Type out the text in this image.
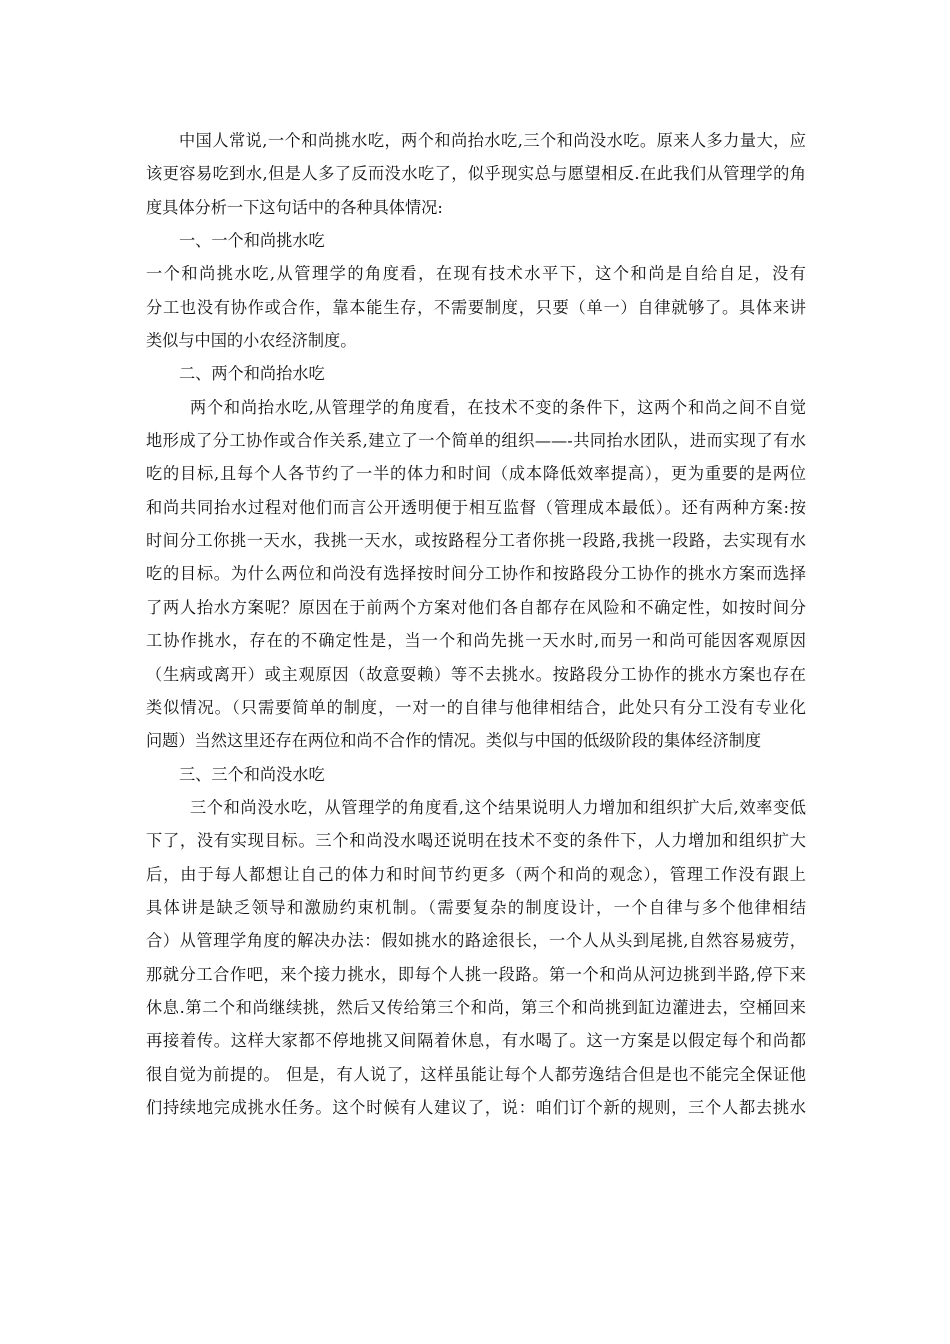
中国人常说,一个和尚挑水吃，两个和尚抬水吃,三个和尚没水吃。原来人多力量大，应
该更容易吃到水,但是人多了反而没水吃了，似乎现实总与愿望相反.在此我们从管理学的角
度具体分析一下这句话中的各种具体情况:
一、一个和尚挑水吃
一个和尚挑水吃,从管理学的角度看，在现有技术水平下，这个和尚是自给自足，没有
分工也没有协作或合作，靠本能生存，不需要制度，只要（单一）自律就够了。具体来讲
类似与中国的小农经济制度。
二、两个和尚抬水吃
两个和尚抬水吃,从管理学的角度看，在技术不变的条件下，这两个和尚之间不自觉
地形成了分工协作或合作关系,建立了一个简单的组织——-共同抬水团队，进而实现了有水
吃的目标,且每个人各节约了一半的体力和时间（成本降低效率提高），更为重要的是两位
和尚共同抬水过程对他们而言公开透明便于相互监督（管理成本最低）。还有两种方案:按
时间分工你挑一天水，我挑一天水，或按路程分工者你挑一段路,我挑一段路，去实现有水
吃的目标。为什么两位和尚没有选择按时间分工协作和按路段分工协作的挑水方案而选择
了两人抬水方案呢？原因在于前两个方案对他们各自都存在风险和不确定性，如按时间分
工协作挑水，存在的不确定性是，当一个和尚先挑一天水时,而另一和尚可能因客观原因
（生病或离开）或主观原因（故意耍赖）等不去挑水。按路段分工协作的挑水方案也存在
类似情况。（只需要简单的制度，一对一的自律与他律相结合，此处只有分工没有专业化
问题）当然这里还存在两位和尚不合作的情况。类似与中国的低级阶段的集体经济制度
三、三个和尚没水吃
三个和尚没水吃，从管理学的角度看,这个结果说明人力增加和组织扩大后,效率变低
下了，没有实现目标。三个和尚没水喝还说明在技术不变的条件下，人力增加和组织扩大
后，由于每人都想让自己的体力和时间节约更多（两个和尚的观念），管理工作没有跟上
具体讲是缺乏领导和激励约束机制。（需要复杂的制度设计，一个自律与多个他律相结
合）从管理学角度的解决办法：假如挑水的路途很长，一个人从头到尾挑,自然容易疲劳，
那就分工合作吧，来个接力挑水，即每个人挑一段路。第一个和尚从河边挑到半路,停下来
休息.第二个和尚继续挑，然后又传给第三个和尚，第三个和尚挑到缸边灌进去，空桶回来
再接着传。这样大家都不停地挑又间隔着休息，有水喝了。这一方案是以假定每个和尚都
很自觉为前提的。 但是，有人说了，这样虽能让每个人都劳逸结合但是也不能完全保证他
们持续地完成挑水任务。这个时候有人建议了，说：咱们订个新的规则，三个人都去挑水
